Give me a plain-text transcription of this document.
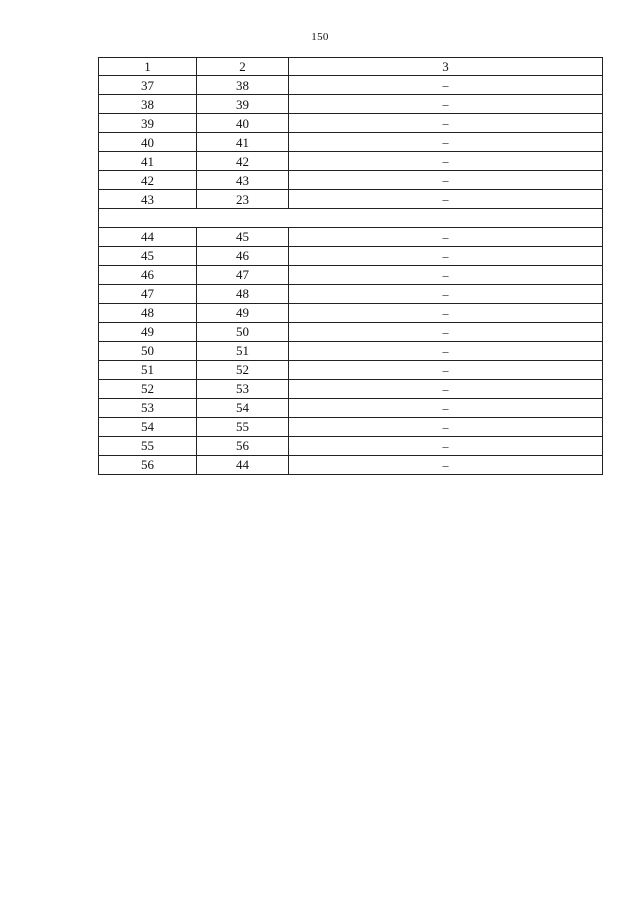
150
1	2	3
37	38	–
38	39	–
39	40	–
40	41	–
41	42	–
42	43	–
43	23	–

44	45	–
45	46	–
46	47	–
47	48	–
48	49	–
49	50	–
50	51	–
51	52	–
52	53	–
53	54	–
54	55	–
55	56	–
56	44	–
